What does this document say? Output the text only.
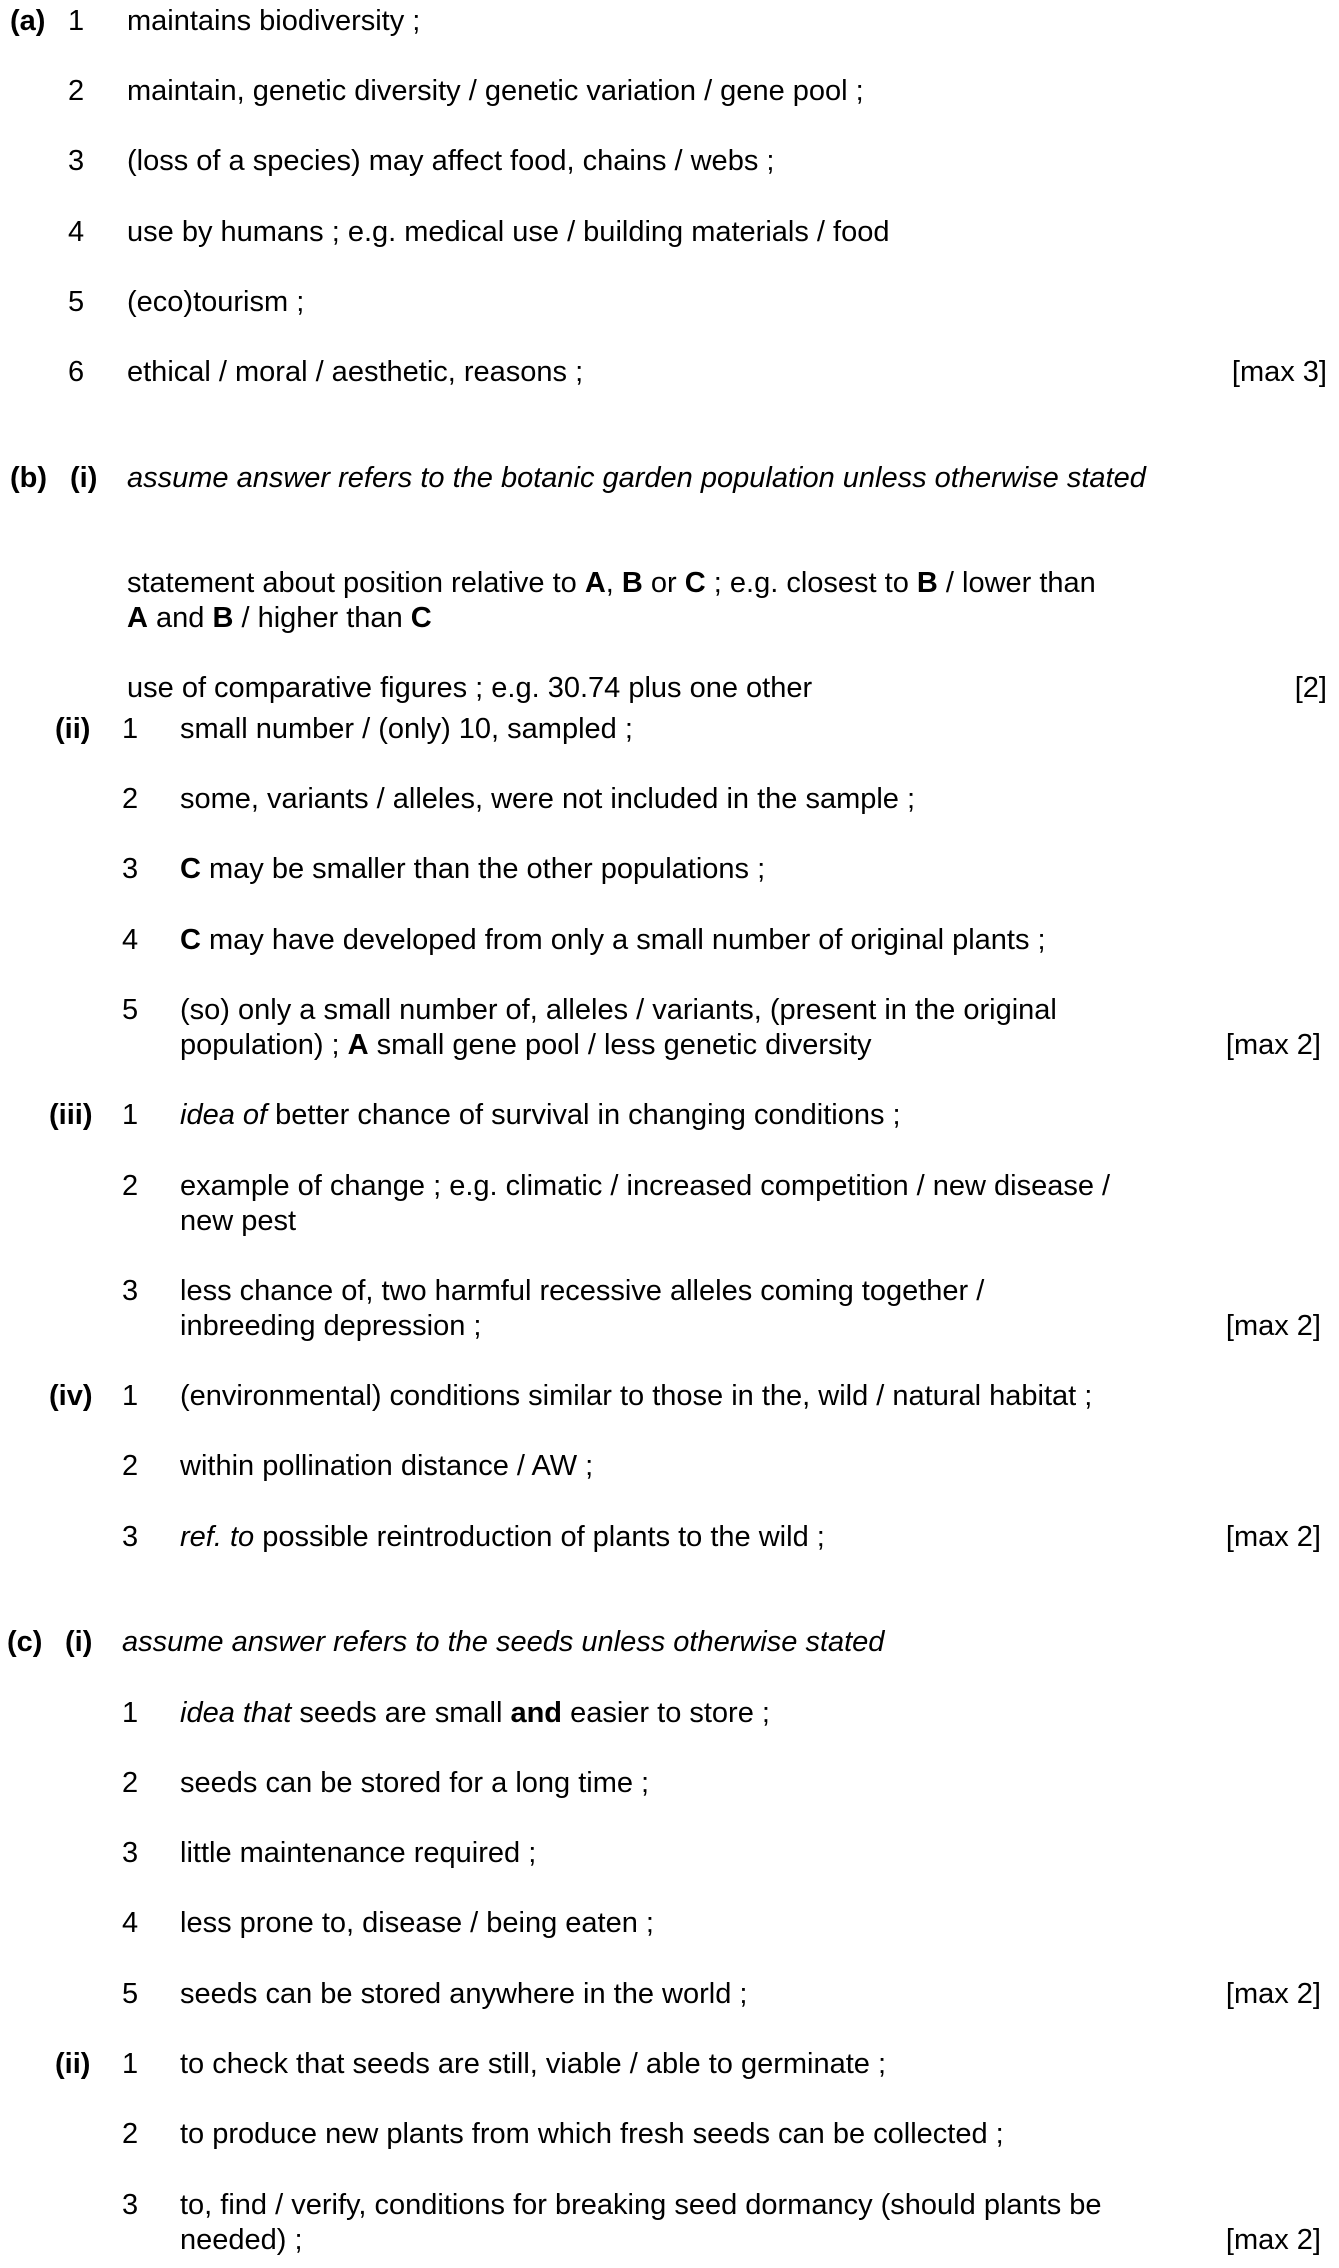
(a) 1 maintains biodiversity ;
2 maintain, genetic diversity / genetic variation / gene pool ;
3 (loss of a species) may affect food, chains / webs ;
4 use by humans ; e.g. medical use / building materials / food
5 (eco)tourism ;
6 ethical / moral / aesthetic, reasons ;	[max 3]
(b) (i) assume answer refers to the botanic garden population unless otherwise stated
statement about position relative to A, B or C ; e.g. closest to B / lower than
A and B / higher than C
use of comparative figures ; e.g. 30.74 plus one other	[2]
(ii) 1 small number / (only) 10, sampled ;
2 some, variants / alleles, were not included in the sample ;
3 C may be smaller than the other populations ;
4 C may have developed from only a small number of original plants ;
5 (so) only a small number of, alleles / variants, (present in the original
population) ; A small gene pool / less genetic diversity	[max 2]
(iii) 1 idea of better chance of survival in changing conditions ;
2 example of change ; e.g. climatic / increased competition / new disease /
new pest
3 less chance of, two harmful recessive alleles coming together /
inbreeding depression ;	[max 2]
(iv) 1 (environmental) conditions similar to those in the, wild / natural habitat ;
2 within pollination distance / AW ;
3 ref. to possible reintroduction of plants to the wild ;	[max 2]
(c) (i) assume answer refers to the seeds unless otherwise stated
1 idea that seeds are small and easier to store ;
2 seeds can be stored for a long time ;
3 little maintenance required ;
4 less prone to, disease / being eaten ;
5 seeds can be stored anywhere in the world ;	[max 2]
(ii) 1 to check that seeds are still, viable / able to germinate ;
2 to produce new plants from which fresh seeds can be collected ;
3 to, find / verify, conditions for breaking seed dormancy (should plants be
needed) ;	[max 2]
